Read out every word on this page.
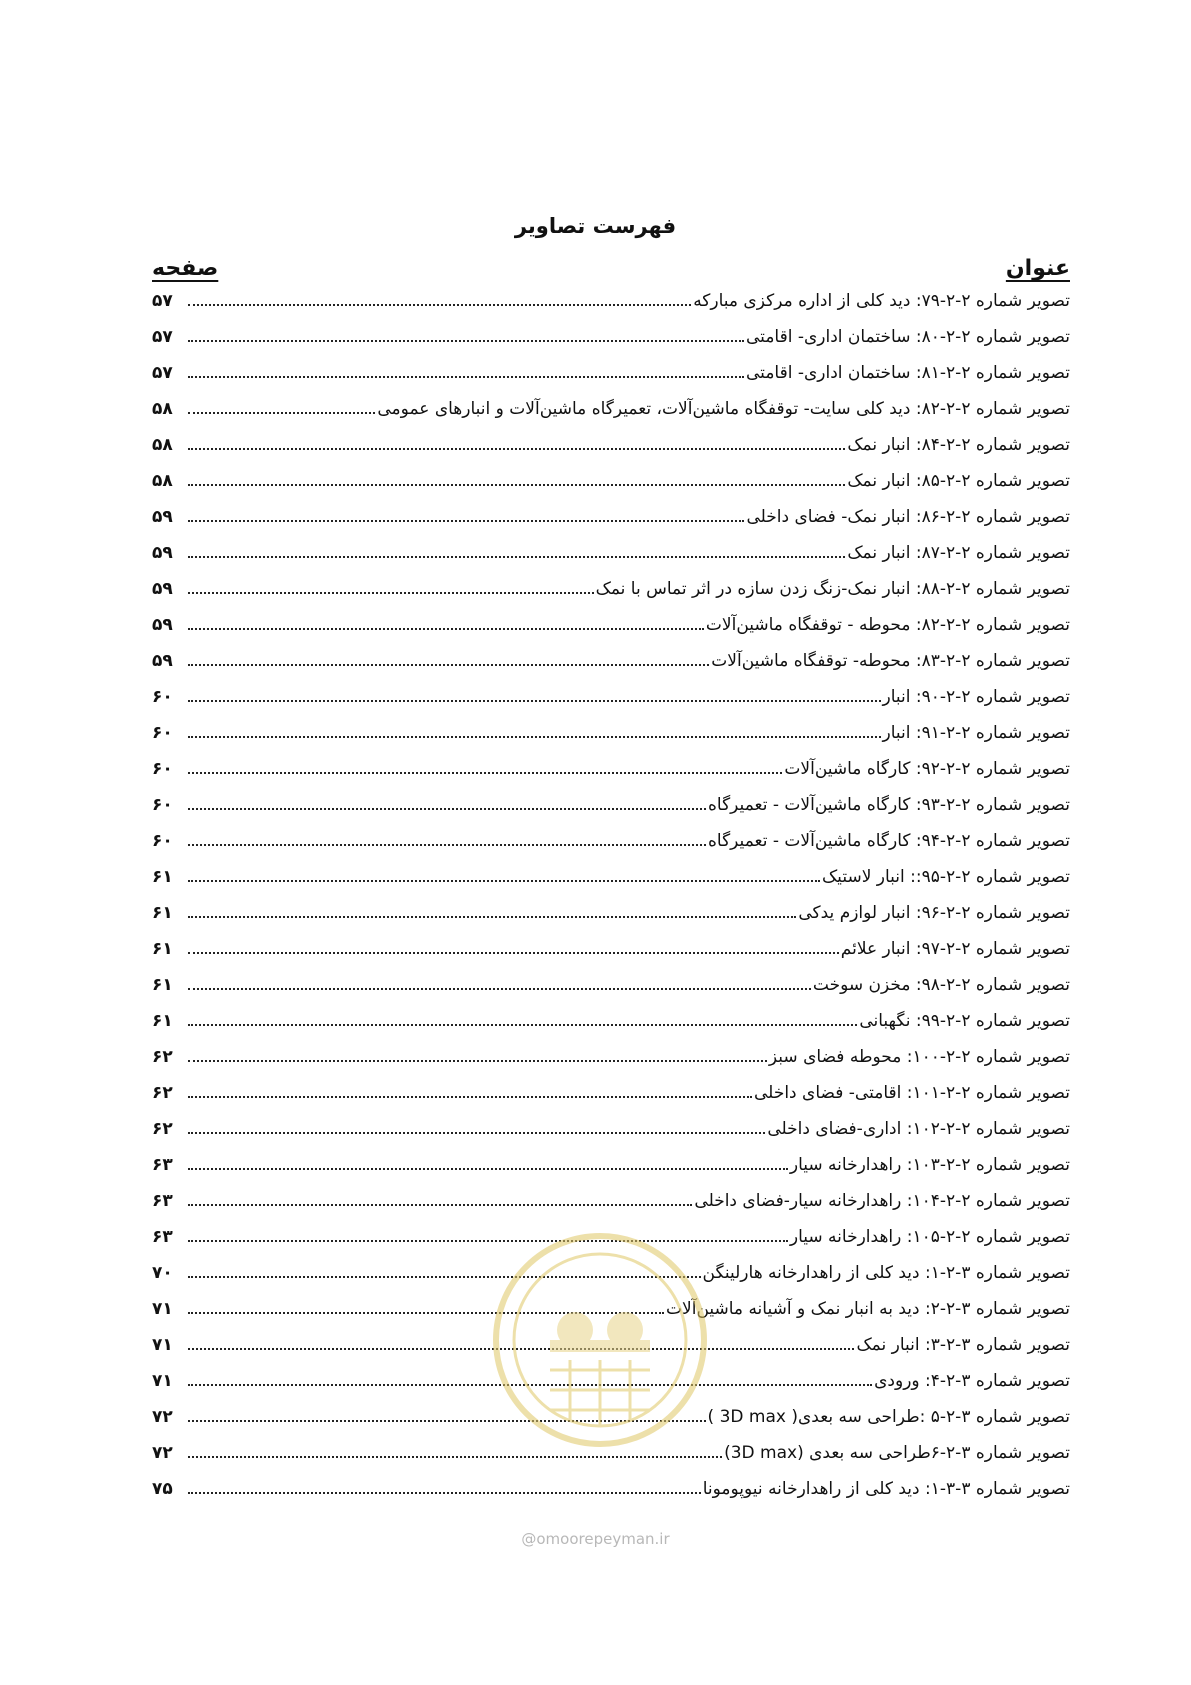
فهرست تصاویر
عنوان
صفحه
۵۷	تصویر شماره ۲-۲-۷۹: دید کلی از اداره مرکزی مبارکه
۵۷	تصویر شماره ۲-۲-۸۰: ساختمان اداری- اقامتی
۵۷	تصویر شماره ۲-۲-۸۱: ساختمان اداری- اقامتی
۵۸	تصویر شماره ۲-۲-۸۲: دید کلی سایت- توقفگاه ماشین‌آلات، تعمیرگاه ماشین‌آلات و انبارهای عمومی
۵۸	تصویر شماره ۲-۲-۸۴: انبار نمک
۵۸	تصویر شماره ۲-۲-۸۵: انبار نمک
۵۹	تصویر شماره ۲-۲-۸۶: انبار نمک- فضای داخلی
۵۹	تصویر شماره ۲-۲-۸۷: انبار نمک
۵۹	تصویر شماره ۲-۲-۸۸: انبار نمک-زنگ زدن سازه در اثر تماس با نمک
۵۹	تصویر شماره ۲-۲-۸۲: محوطه - توقفگاه ماشین‌آلات
۵۹	تصویر شماره ۲-۲-۸۳: محوطه- توقفگاه ماشین‌آلات
۶۰	تصویر شماره ۲-۲-۹۰: انبار
۶۰	تصویر شماره ۲-۲-۹۱: انبار
۶۰	تصویر شماره ۲-۲-۹۲: کارگاه ماشین‌آلات
۶۰	تصویر شماره ۲-۲-۹۳: کارگاه ماشین‌آلات - تعمیرگاه
۶۰	تصویر شماره ۲-۲-۹۴: کارگاه ماشین‌آلات - تعمیرگاه
۶۱	تصویر شماره ۲-۲-۹۵:: انبار لاستیک
۶۱	تصویر شماره ۲-۲-۹۶: انبار لوازم یدکی
۶۱	تصویر شماره ۲-۲-۹۷: انبار علائم
۶۱	تصویر شماره ۲-۲-۹۸: مخزن سوخت
۶۱	تصویر شماره ۲-۲-۹۹: نگهبانی
۶۲	تصویر شماره ۲-۲-۱۰۰: محوطه فضای سبز
۶۲	تصویر شماره ۲-۲-۱۰۱: اقامتی- فضای داخلی
۶۲	تصویر شماره ۲-۲-۱۰۲: اداری-فضای داخلی
۶۳	تصویر شماره ۲-۲-۱۰۳: راهدارخانه سیار
۶۳	تصویر شماره ۲-۲-۱۰۴: راهدارخانه سیار-فضای داخلی
۶۳	تصویر شماره ۲-۲-۱۰۵: راهدارخانه سیار
۷۰	تصویر شماره ۳-۲-۱: دید کلی از راهدارخانه هارلینگن
۷۱	تصویر شماره ۳-۲-۲: دید به انبار نمک و آشیانه ماشین‌آلات
۷۱	تصویر شماره ۳-۲-۳: انبار نمک
۷۱	تصویر شماره ۳-۲-۴: ورودی
۷۲	تصویر شماره ۳-۲-۵ :طراحی سه بعدی( 3D max )
۷۲	تصویر شماره ۳-۲-۶طراحی سه بعدی (3D max)
۷۵	تصویر شماره ۳-۳-۱: دید کلی از راهدارخانه نیوپومونا
@omoorepeyman.ir
